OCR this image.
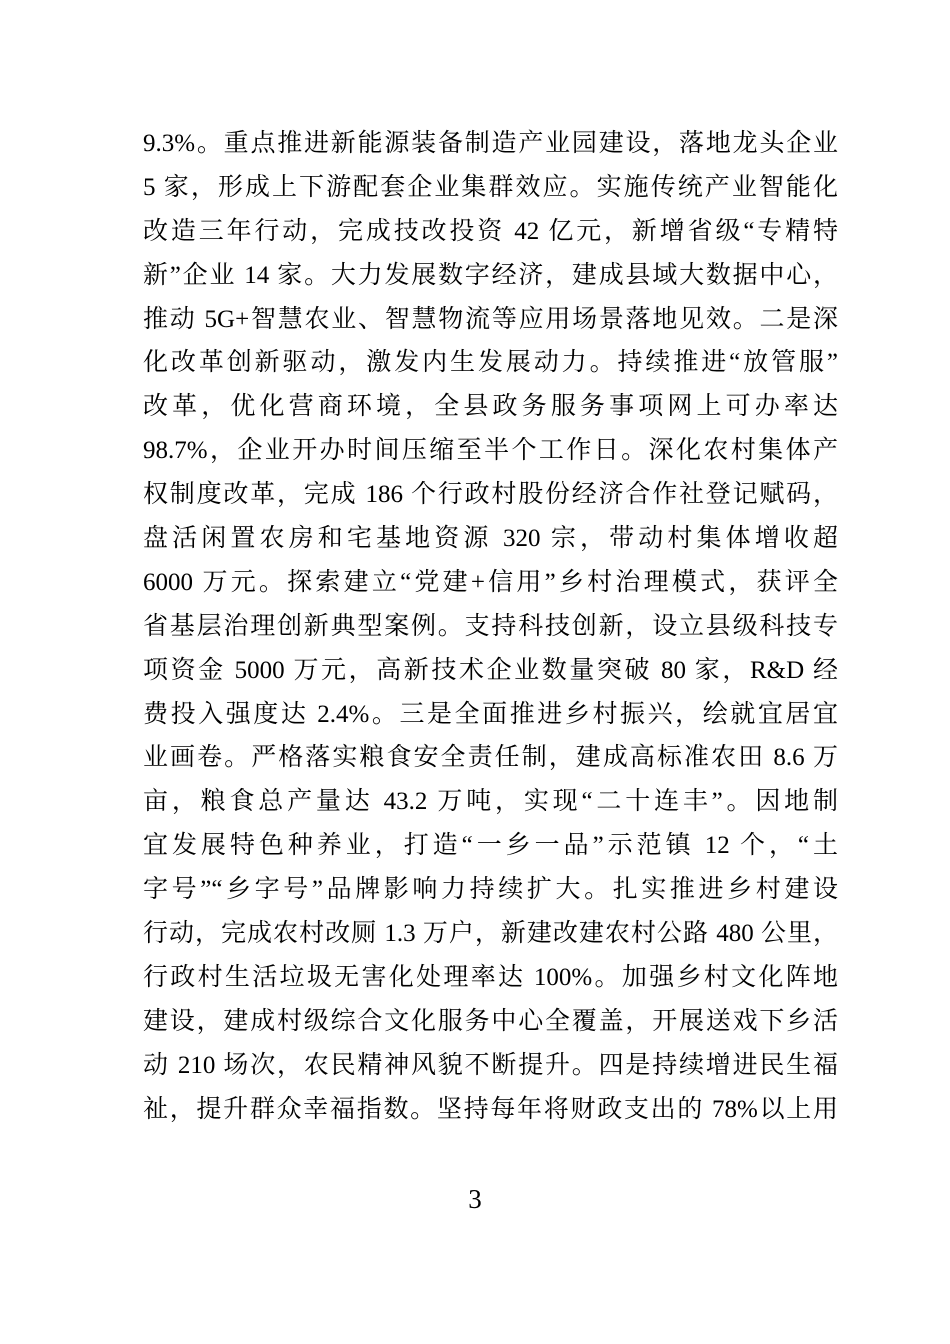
9.3%。重点推进新能源装备制造产业园建设，落地龙头企业

5 家，形成上下游配套企业集群效应。实施传统产业智能化

改造三年行动，完成技改投资 42 亿元，新增省级“专精特

新”企业 14 家。大力发展数字经济，建成县域大数据中心，

推动 5G+智慧农业、智慧物流等应用场景落地见效。二是深

化改革创新驱动，激发内生发展动力。持续推进“放管服”

改革，优化营商环境，全县政务服务事项网上可办率达

98.7%，企业开办时间压缩至半个工作日。深化农村集体产

权制度改革，完成 186 个行政村股份经济合作社登记赋码，

盘活闲置农房和宅基地资源 320 宗，带动村集体增收超

6000 万元。探索建立“党建+信用”乡村治理模式，获评全

省基层治理创新典型案例。支持科技创新，设立县级科技专

项资金 5000 万元，高新技术企业数量突破 80 家，R&D 经

费投入强度达 2.4%。三是全面推进乡村振兴，绘就宜居宜

业画卷。严格落实粮食安全责任制，建成高标准农田 8.6 万

亩，粮食总产量达 43.2 万吨，实现“二十连丰”。因地制

宜发展特色种养业，打造“一乡一品”示范镇 12 个，“土

字号”“乡字号”品牌影响力持续扩大。扎实推进乡村建设

行动，完成农村改厕 1.3 万户，新建改建农村公路 480 公里，

行政村生活垃圾无害化处理率达 100%。加强乡村文化阵地

建设，建成村级综合文化服务中心全覆盖，开展送戏下乡活

动 210 场次，农民精神风貌不断提升。四是持续增进民生福

祉，提升群众幸福指数。坚持每年将财政支出的 78%以上用

3
